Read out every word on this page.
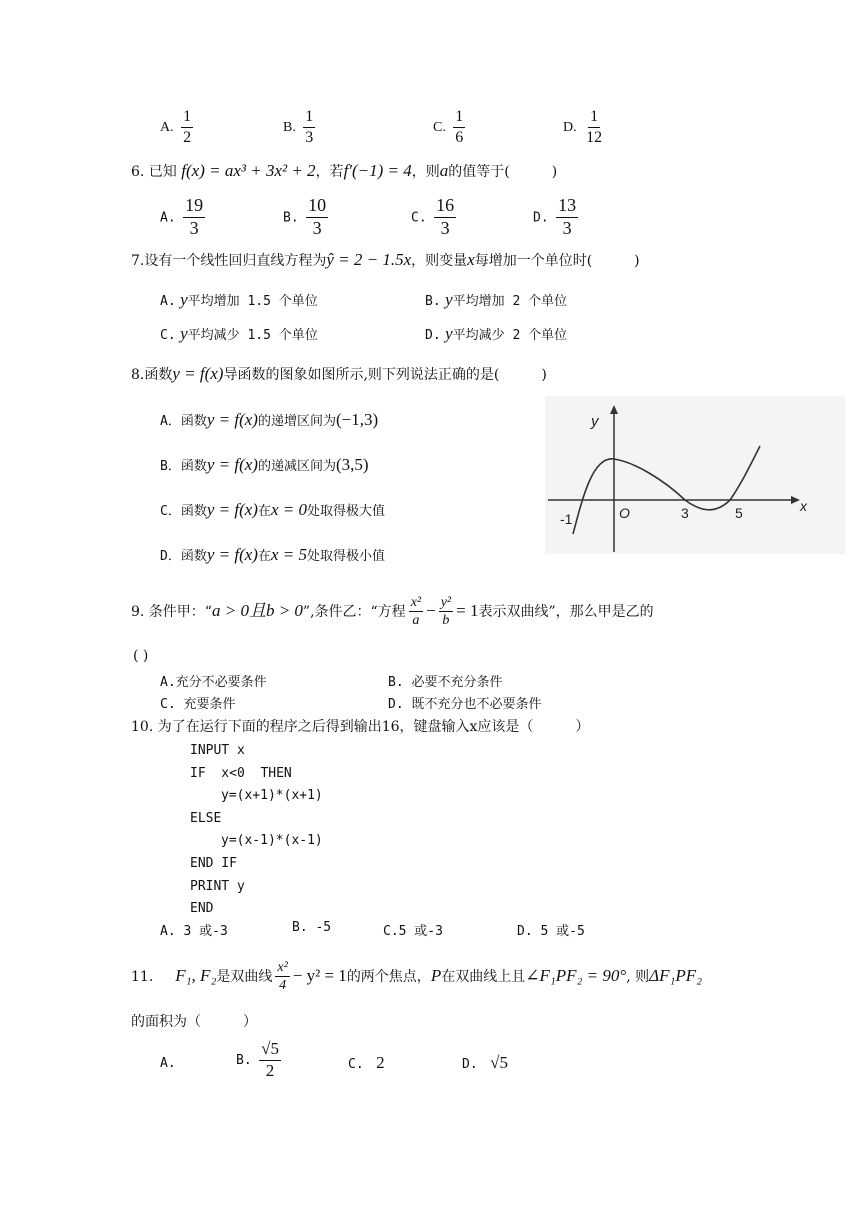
A. $\frac{1}{2}$	B. $\frac{1}{3}$	C. $\frac{1}{6}$	D. $\frac{1}{12}$
6. 已知 f(x) = ax³ + 3x² + 2，若f′(−1) = 4，则a的值等于(　　　)
A. $\frac{19}{3}$	B. $\frac{10}{3}$	C. $\frac{16}{3}$	D. $\frac{13}{3}$
7.设有一个线性回归直线方程为ŷ = 2 − 1.5x，则变量x每增加一个单位时(　　　)
A. y平均增加 1.5 个单位	B. y平均增加 2 个单位
C. y平均减少 1.5 个单位	D. y平均减少 2 个单位
8.函数y = f(x)导函数的图象如图所示,则下列说法正确的是(　　　)
A．函数y = f(x)的递增区间为(−1,3)
B．函数y = f(x)的递减区间为(3,5)
C．函数y = f(x)在x = 0处取得极大值
D．函数y = f(x)在x = 5处取得极小值
y
x
O
-1	3	5
9. 条件甲：“a > 0且b > 0”,条件乙：“方程 $\frac{\text{x²}}{a} - \frac{\text{y²}}{b} = 1$表示双曲线”，那么甲是乙的
( )
A.充分不必要条件	B. 必要不充分条件
C. 充要条件	D. 既不充分也不必要条件
10. 为了在运行下面的程序之后得到输出16，键盘输入x应该是（　　　）
INPUT x
IF  x<0  THEN
y=(x+1)*(x+1)
ELSE
y=(x-1)*(x-1)
END IF
PRINT y
END
A. 3 或-3	B. -5	C.5 或-3	D. 5 或-5
11. F₁, F₂是双曲线 $\frac{\text{x²}}{4} - y^2 = 1$的两个焦点，P在双曲线上且∠F₁PF₂ = 90°, 则ΔF₁PF₂
的面积为（　　　）
A.	B. $\frac{√5}{2}$	C. 2	D. √5
